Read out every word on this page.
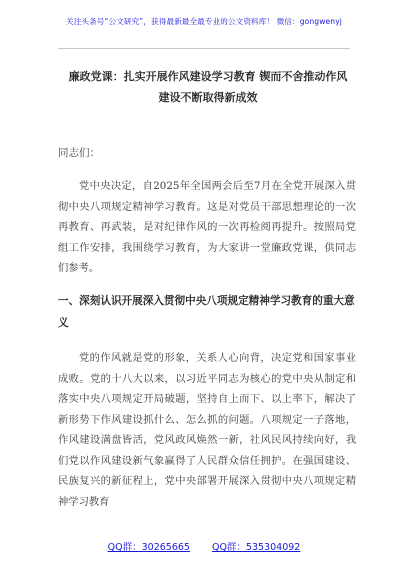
关注头条号“公文研究”，获得最新最全最专业的公文资料库！ 微信：gongwenyj
廉政党课：扎实开展作风建设学习教育 锲而不舍推动作风
建设不断取得新成效
同志们：
党中央决定，自2025年全国两会后至7月在全党开展深入贯彻中央八项规定精神学习教育。这是对党员干部思想理论的一次再教育、再武装，是对纪律作风的一次再检阅再提升。按照局党组工作安排，我围绕学习教育，为大家讲一堂廉政党课，供同志们参考。
一、深刻认识开展深入贯彻中央八项规定精神学习教育的重大意义
党的作风就是党的形象，关系人心向背，决定党和国家事业成败。党的十八大以来，以习近平同志为核心的党中央从制定和落实中央八项规定开局破题，坚持自上而下、以上率下，解决了新形势下作风建设抓什么、怎么抓的问题。八项规定一子落地，作风建设满盘皆活，党风政风焕然一新，社风民风持续向好，我们党以作风建设新气象赢得了人民群众信任拥护。在强国建设、民族复兴的新征程上，党中央部署开展深入贯彻中央八项规定精神学习教育
QQ群：30265665 QQ群：535304092
